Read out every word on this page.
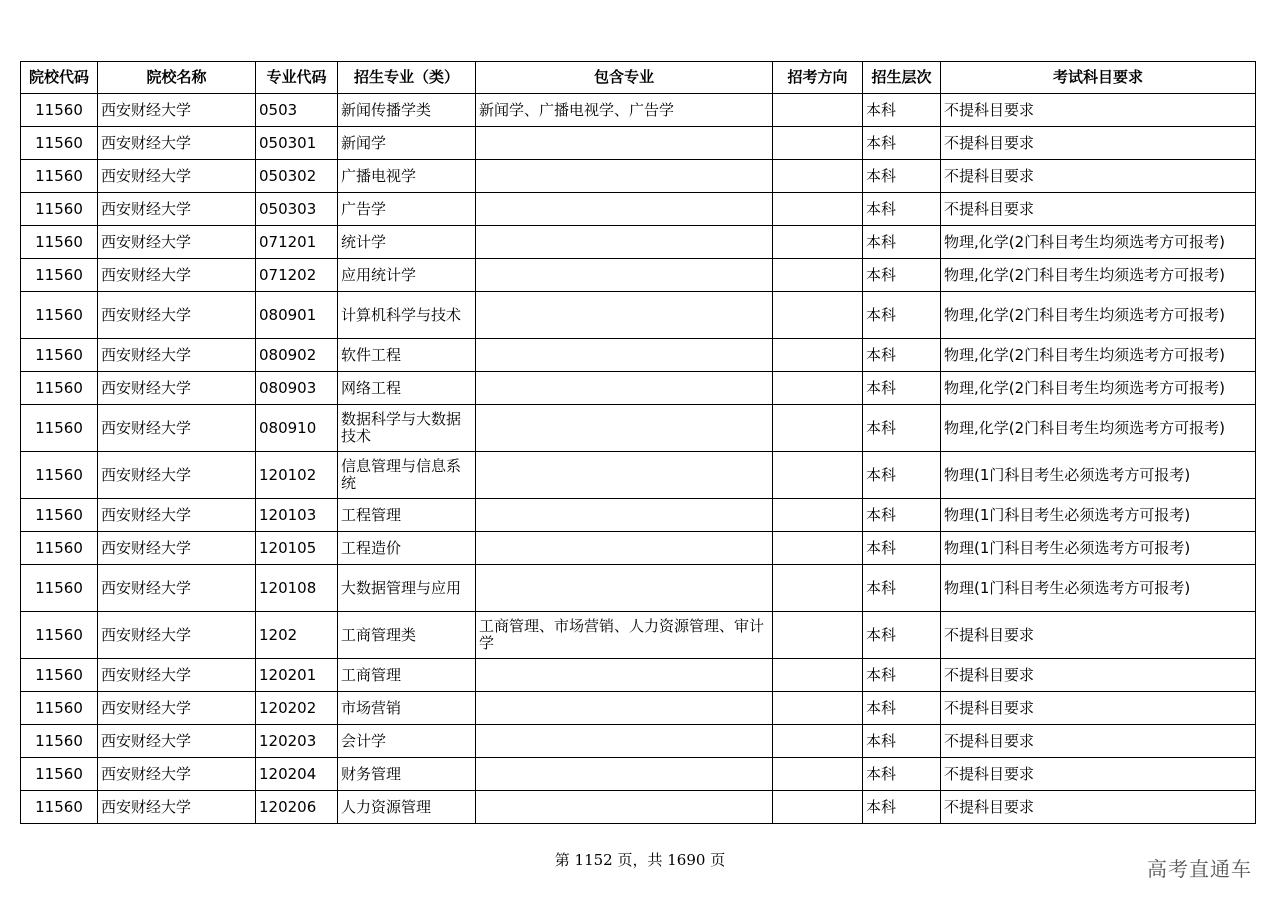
院校代码	院校名称	专业代码	招生专业（类）	包含专业	招考方向	招生层次	考试科目要求
11560	西安财经大学	0503	新闻传播学类	新闻学、广播电视学、广告学		本科	不提科目要求
11560	西安财经大学	050301	新闻学			本科	不提科目要求
11560	西安财经大学	050302	广播电视学			本科	不提科目要求
11560	西安财经大学	050303	广告学			本科	不提科目要求
11560	西安财经大学	071201	统计学			本科	物理,化学(2门科目考生均须选考方可报考)
11560	西安财经大学	071202	应用统计学			本科	物理,化学(2门科目考生均须选考方可报考)
11560	西安财经大学	080901	计算机科学与技术			本科	物理,化学(2门科目考生均须选考方可报考)
11560	西安财经大学	080902	软件工程			本科	物理,化学(2门科目考生均须选考方可报考)
11560	西安财经大学	080903	网络工程			本科	物理,化学(2门科目考生均须选考方可报考)
11560	西安财经大学	080910	数据科学与大数据技术			本科	物理,化学(2门科目考生均须选考方可报考)
11560	西安财经大学	120102	信息管理与信息系统			本科	物理(1门科目考生必须选考方可报考)
11560	西安财经大学	120103	工程管理			本科	物理(1门科目考生必须选考方可报考)
11560	西安财经大学	120105	工程造价			本科	物理(1门科目考生必须选考方可报考)
11560	西安财经大学	120108	大数据管理与应用			本科	物理(1门科目考生必须选考方可报考)
11560	西安财经大学	1202	工商管理类	工商管理、市场营销、人力资源管理、审计学		本科	不提科目要求
11560	西安财经大学	120201	工商管理			本科	不提科目要求
11560	西安财经大学	120202	市场营销			本科	不提科目要求
11560	西安财经大学	120203	会计学			本科	不提科目要求
11560	西安财经大学	120204	财务管理			本科	不提科目要求
11560	西安财经大学	120206	人力资源管理			本科	不提科目要求
第 1152 页，共 1690 页	高考直通车
